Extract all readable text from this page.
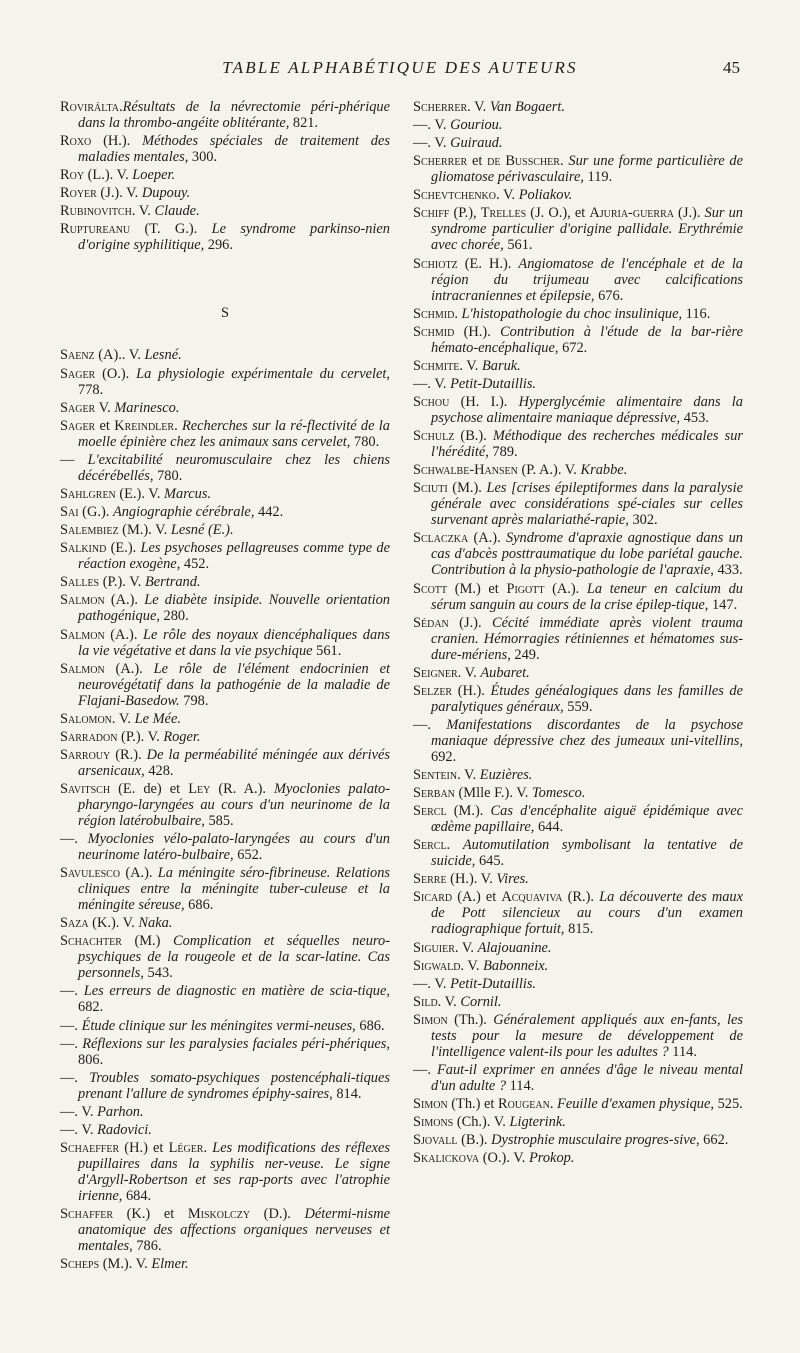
TABLE ALPHABÉTIQUE DES AUTEURS	45
Rovirálta.Résultats de la névrectomie péri-phérique dans la thrombo-angéite oblitérante, 821.
Roxo (H.). Méthodes spéciales de traitement des maladies mentales, 300.
Roy (L.). V. Loeper.
Royer (J.). V. Dupouy.
Rubinovitch. V. Claude.
Ruptureanu (T. G.). Le syndrome parkinso-nien d'origine syphilitique, 296.
S
Saenz (A).. V. Lesné.
Sager (O.). La physiologie expérimentale du cervelet, 778.
Sager V. Marinesco.
Sager et Kreindler. Recherches sur la ré-flectivité de la moelle épinière chez les animaux sans cervelet, 780.
— L'excitabilité neuromusculaire chez les chiens décérébellés, 780.
Sahlgren (E.). V. Marcus.
Sai (G.). Angiographie cérébrale, 442.
Salembiez (M.). V. Lesné (E.).
Salkind (E.). Les psychoses pellagreuses comme type de réaction exogène, 452.
Salles (P.). V. Bertrand.
Salmon (A.). Le diabète insipide. Nouvelle orientation pathogénique, 280.
Salmon (A.). Le rôle des noyaux diencéphaliques dans la vie végétative et dans la vie psychique 561.
Salmon (A.). Le rôle de l'élément endocrinien et neurovégétatif dans la pathogénie de la maladie de Flajani-Basedow. 798.
Salomon. V. Le Mée.
Sarradon (P.). V. Roger.
Sarrouy (R.). De la perméabilité méningée aux dérivés arsenicaux, 428.
Savitsch (E. de) et Ley (R. A.). Myoclonies palato-pharyngo-laryngées au cours d'un neurinome de la région latérobulbaire, 585.
—. Myoclonies vélo-palato-laryngées au cours d'un neurinome latéro-bulbaire, 652.
Savulesco (A.). La méningite séro-fibrineuse. Relations cliniques entre la méningite tuber-culeuse et la méningite séreuse, 686.
Saza (K.). V. Naka.
Schachter (M.) Complication et séquelles neuro-psychiques de la rougeole et de la scar-latine. Cas personnels, 543.
—. Les erreurs de diagnostic en matière de scia-tique, 682.
—. Étude clinique sur les méningites vermi-neuses, 686.
—. Réflexions sur les paralysies faciales péri-phériques, 806.
—. Troubles somato-psychiques postencéphali-tiques prenant l'allure de syndromes épiphy-saires, 814.
—. V. Parhon.
—. V. Radovici.
Schaeffer (H.) et Léger. Les modifications des réflexes pupillaires dans la syphilis ner-veuse. Le signe d'Argyll-Robertson et ses rap-ports avec l'atrophie irienne, 684.
Schaffer (K.) et Miskolczy (D.). Détermi-nisme anatomique des affections organiques nerveuses et mentales, 786.
Scheps (M.). V. Elmer.
Scherrer. V. Van Bogaert.
—. V. Gouriou.
—. V. Guiraud.
Scherrer et de Busscher. Sur une forme particulière de gliomatose périvasculaire, 119.
Schevtchenko. V. Poliakov.
Schiff (P.), Trelles (J. O.), et Ajuria-guerra (J.). Sur un syndrome particulier d'origine pallidale. Erythrémie avec chorée, 561.
Schiotz (E. H.). Angiomatose de l'encéphale et de la région du trijumeau avec calcifications intracraniennes et épilepsie, 676.
Schmid. L'histopathologie du choc insulinique, 116.
Schmid (H.). Contribution à l'étude de la bar-rière hémato-encéphalique, 672.
Schmite. V. Baruk.
—. V. Petit-Dutaillis.
Schou (H. I.). Hyperglycémie alimentaire dans la psychose alimentaire maniaque dépressive, 453.
Schulz (B.). Méthodique des recherches médicales sur l'hérédité, 789.
Schwalbe-Hansen (P. A.). V. Krabbe.
Sciuti (M.). Les [crises épileptiformes dans la paralysie générale avec considérations spé-ciales sur celles survenant après malariathé-rapie, 302.
Sclaczka (A.). Syndrome d'apraxie agnostique dans un cas d'abcès posttraumatique du lobe pariétal gauche. Contribution à la physio-pathologie de l'apraxie, 433.
Scott (M.) et Pigott (A.). La teneur en calcium du sérum sanguin au cours de la crise épilep-tique, 147.
Sédan (J.). Cécité immédiate après violent trauma cranien. Hémorragies rétiniennes et hématomes sus-dure-mériens, 249.
Seigner. V. Aubaret.
Selzer (H.). Études généalogiques dans les familles de paralytiques généraux, 559.
—. Manifestations discordantes de la psychose maniaque dépressive chez des jumeaux uni-vitellins, 692.
Sentein. V. Euzières.
Serban (Mlle F.). V. Tomesco.
Sercl (M.). Cas d'encéphalite aiguë épidémique avec œdème papillaire, 644.
Sercl. Automutilation symbolisant la tentative de suicide, 645.
Serre (H.). V. Vires.
Sicard (A.) et Acquaviva (R.). La découverte des maux de Pott silencieux au cours d'un examen radiographique fortuit, 815.
Siguier. V. Alajouanine.
Sigwald. V. Babonneix.
—. V. Petit-Dutaillis.
Sild. V. Cornil.
Simon (Th.). Généralement appliqués aux en-fants, les tests pour la mesure de développement de l'intelligence valent-ils pour les adultes ? 114.
—. Faut-il exprimer en années d'âge le niveau mental d'un adulte ? 114.
Simon (Th.) et Rougean. Feuille d'examen physique, 525.
Simons (Ch.). V. Ligterink.
Sjovall (B.). Dystrophie musculaire progres-sive, 662.
Skalickova (O.). V. Prokop.
